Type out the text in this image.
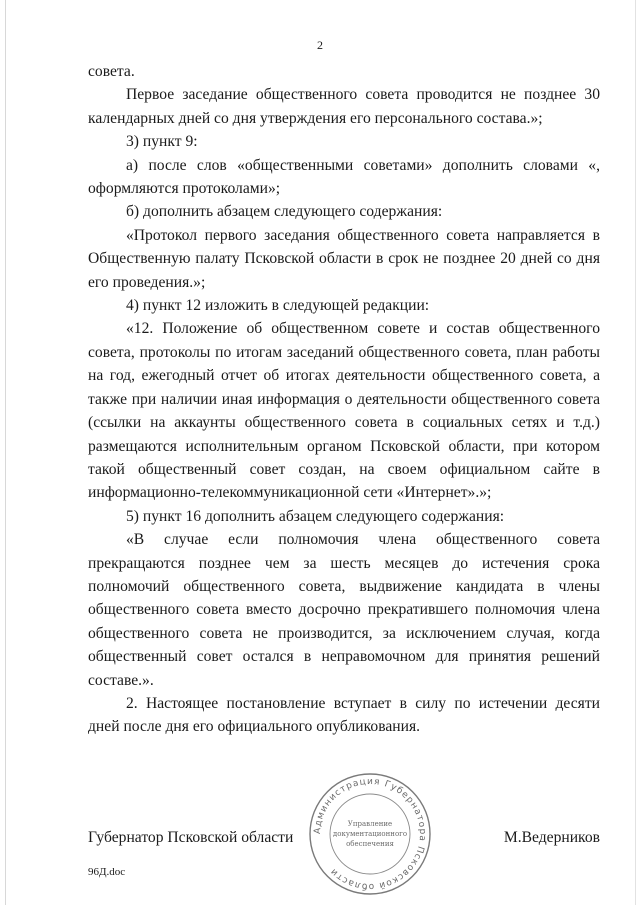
2

совета.

Первое заседание общественного совета проводится не позднее 30 календарных дней со дня утверждения его персонального состава.»;

3) пункт 9:

а) после слов «общественными советами» дополнить словами «, оформляются протоколами»;

б) дополнить абзацем следующего содержания:

«Протокол первого заседания общественного совета направляется в Общественную палату Псковской области в срок не позднее 20 дней со дня его проведения.»;

4) пункт 12 изложить в следующей редакции:

«12. Положение об общественном совете и состав общественного совета, протоколы по итогам заседаний общественного совета, план работы на год, ежегодный отчет об итогах деятельности общественного совета, а также при наличии иная информация о деятельности общественного совета (ссылки на аккаунты общественного совета в социальных сетях и т.д.) размещаются исполнительным органом Псковской области, при котором такой общественный совет создан, на своем официальном сайте в информационно-телекоммуникационной сети «Интернет».»;

5) пункт 16 дополнить абзацем следующего содержания:

«В случае если полномочия члена общественного совета прекращаются позднее чем за шесть месяцев до истечения срока полномочий общественного совета, выдвижение кандидата в члены общественного совета вместо досрочно прекратившего полномочия члена общественного совета не производится, за исключением случая, когда общественный совет остался в неправомочном для принятия решений составе.».

2. Настоящее постановление вступает в силу по истечении десяти дней после дня его официального опубликования.

Администрация Губернатора Псковской области
Управление
документационного
обеспечения
Губернатор Псковской области	М.Ведерников
96Д.doc
